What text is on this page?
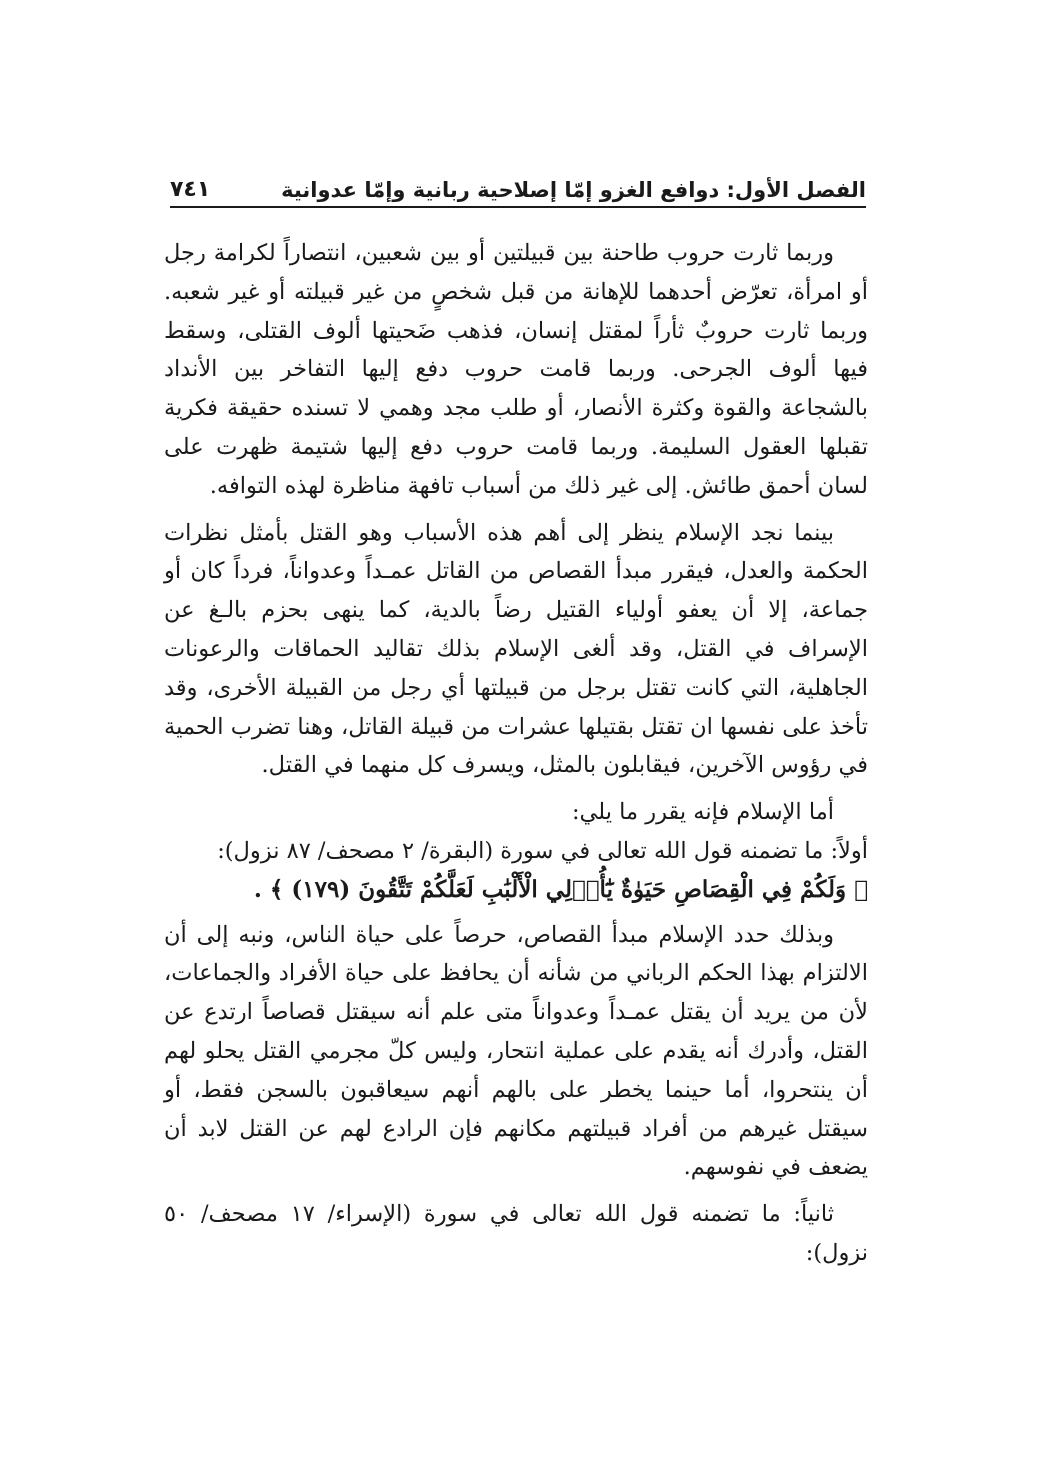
الفصل الأول: دوافع الغزو إمّا إصلاحية ربانية وإمّا عدوانية
٧٤١

وربما ثارت حروب طاحنة بين قبيلتين أو بين شعبين، انتصاراً لكرامة رجل أو امرأة، تعرّض أحدهما للإهانة من قبل شخصٍ من غير قبيلته أو غير شعبه. وربما ثارت حروبٌ ثأراً لمقتل إنسان، فذهب ضَحيتها ألوف القتلى، وسقط فيها ألوف الجرحى. وربما قامت حروب دفع إليها التفاخر بين الأنداد بالشجاعة والقوة وكثرة الأنصار، أو طلب مجد وهمي لا تسنده حقيقة فكرية تقبلها العقول السليمة. وربما قامت حروب دفع إليها شتيمة ظهرت على لسان أحمق طائش. إلى غير ذلك من أسباب تافهة مناظرة لهذه التوافه.

بينما نجد الإسلام ينظر إلى أهم هذه الأسباب وهو القتل بأمثل نظرات الحكمة والعدل، فيقرر مبدأ القصاص من القاتل عمـداً وعدواناً، فرداً كان أو جماعة، إلا أن يعفو أولياء القتيل رضاً بالدية، كما ينهى بحزم بالـغ عن الإسراف في القتل، وقد ألغى الإسلام بذلك تقاليد الحماقات والرعونات الجاهلية، التي كانت تقتل برجل من قبيلتها أي رجل من القبيلة الأخرى، وقد تأخذ على نفسها ان تقتل بقتيلها عشرات من قبيلة القاتل، وهنا تضرب الحمية في رؤوس الآخرين، فيقابلون بالمثل، ويسرف كل منهما في القتل.

أما الإسلام فإنه يقرر ما يلي:

أولاً: ما تضمنه قول الله تعالى في سورة (البقرة/ ٢ مصحف/ ٨٧ نزول):

﴿ وَلَكُمْ فِي الْقِصَاصِ حَيَوٰةٌ يَٰٓأُو۟لِي الْأَلْبَٰبِ لَعَلَّكُمْ تَتَّقُونَ (١٧٩) ﴾ .

وبذلك حدد الإسلام مبدأ القصاص، حرصاً على حياة الناس، ونبه إلى أن الالتزام بهذا الحكم الرباني من شأنه أن يحافظ على حياة الأفراد والجماعات، لأن من يريد أن يقتل عمـداً وعدواناً متى علم أنه سيقتل قصاصاً ارتدع عن القتل، وأدرك أنه يقدم على عملية انتحار، وليس كلّ مجرمي القتل يحلو لهم أن ينتحروا، أما حينما يخطر على بالهم أنهم سيعاقبون بالسجن فقط، أو سيقتل غيرهم من أفراد قبيلتهم مكانهم فإن الرادع لهم عن القتل لابد أن يضعف في نفوسهم.

ثانياً: ما تضمنه قول الله تعالى في سورة (الإسراء/ ١٧ مصحف/ ٥٠ نزول):
